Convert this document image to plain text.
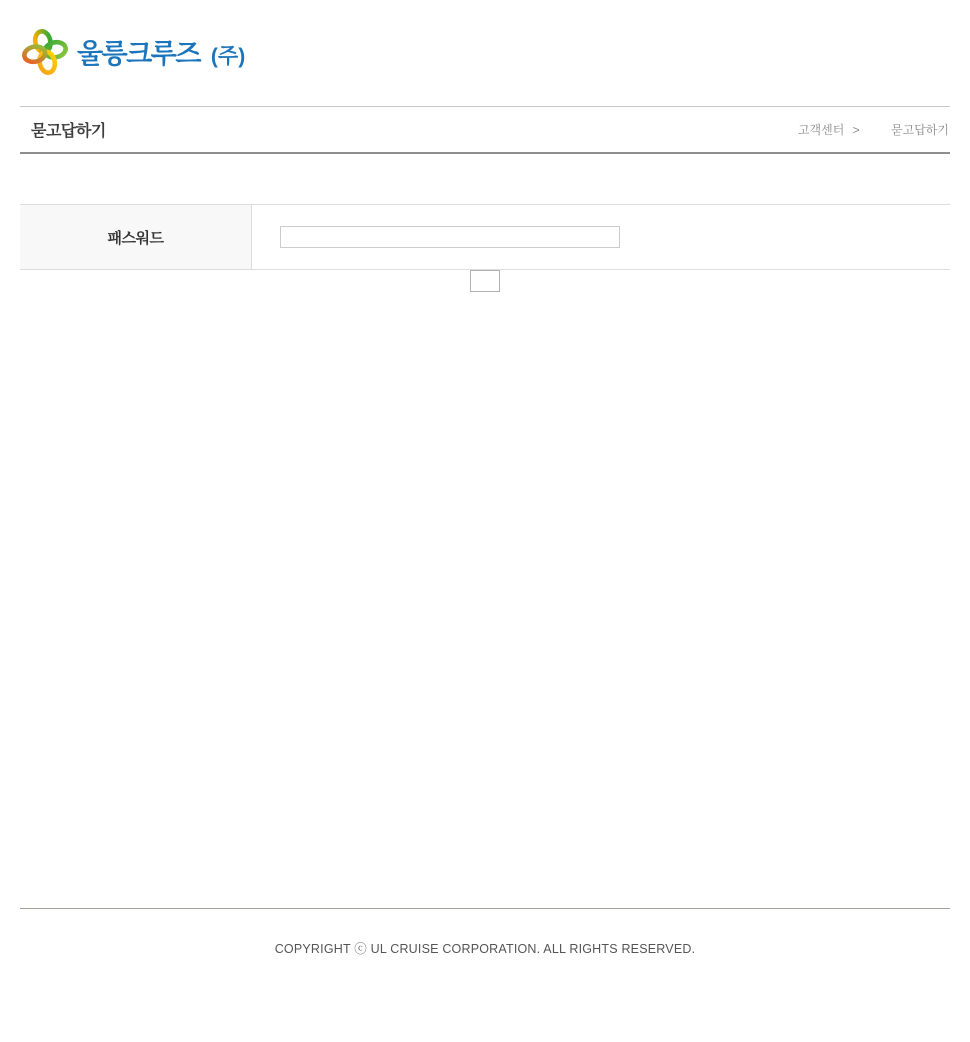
울릉크루즈 (주)
묻고답하기	고객센터 >	묻고답하기
패스워드
COPYRIGHT ⓒ UL CRUISE CORPORATION. ALL RIGHTS RESERVED.
